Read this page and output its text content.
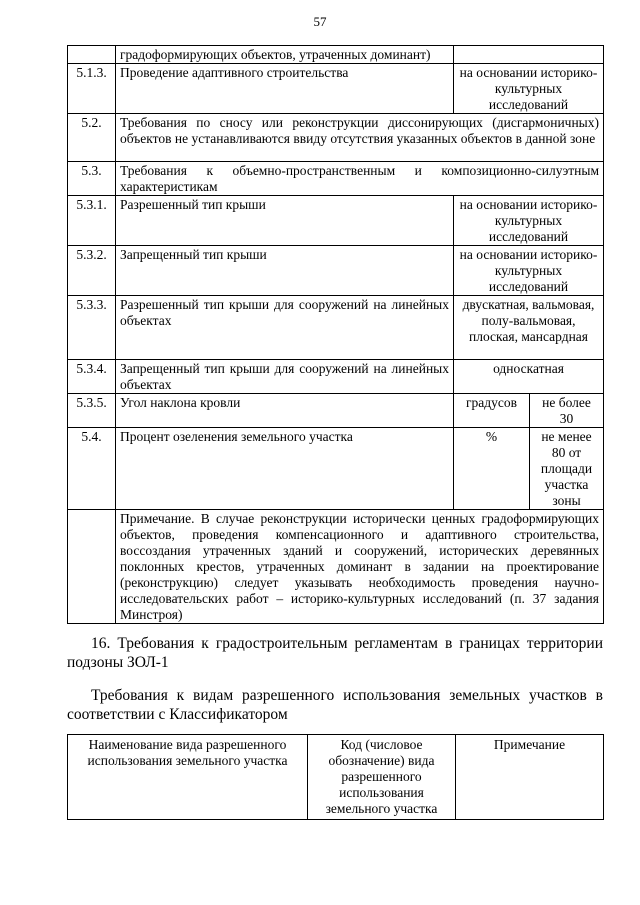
57
	градоформирующих объектов, утраченных доминант)		
5.1.3.	Проведение адаптивного строительства	на основании историко-культурных исследований	
5.2.	Требования по сносу или реконструкции диссонирующих (дисгармоничных) объектов не устанавливаются ввиду отсутствия указанных объектов в данной зоне		
5.3.	Требования к объемно-пространственным и композиционно-силуэтным характеристикам		
5.3.1.	Разрешенный тип крыши	на основании историко-культурных исследований	
5.3.2.	Запрещенный тип крыши	на основании историко-культурных исследований	
5.3.3.	Разрешенный тип крыши для сооружений на линейных объектах	двускатная, вальмовая, полу-вальмовая, плоская, мансардная	
5.3.4.	Запрещенный тип крыши для сооружений на линейных объектах	односкатная	
5.3.5.	Угол наклона кровли	градусов	не более 30
5.4.	Процент озеленения земельного участка	%	не менее 80 от площади участка зоны
	Примечание. В случае реконструкции исторически ценных градоформирующих объектов, проведения компенсационного и адаптивного строительства, воссоздания утраченных зданий и сооружений, исторических деревянных поклонных крестов, утраченных доминант в задании на проектирование (реконструкцию) следует указывать необходимость проведения научно-исследовательских работ – историко-культурных исследований (п. 37 задания Минстроя)		
16. Требования к градостроительным регламентам в границах территории подзоны ЗОЛ-1
Требования к видам разрешенного использования земельных участков в соответствии с Классификатором
Наименование вида разрешенного использования земельного участка	Код (числовое обозначение) вида разрешенного использования земельного участка	Примечание
